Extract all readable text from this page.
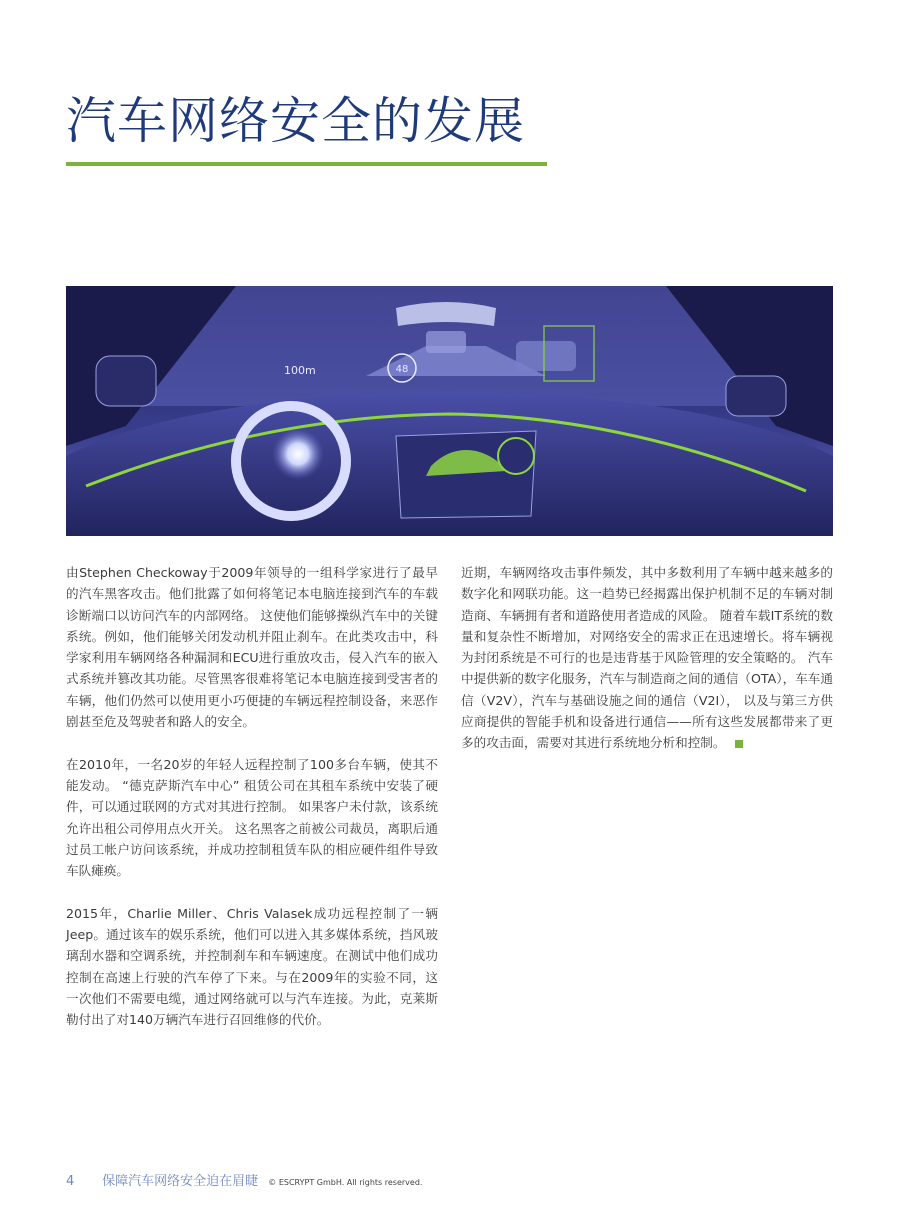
汽车网络安全的发展
100m	48

由Stephen Checkoway于2009年领导的一组科学家进行了最早的汽车黑客攻击。他们批露了如何将笔记本电脑连接到汽车的车载诊断端口以访问汽车的内部网络。 这使他们能够操纵汽车中的关键系统。例如，他们能够关闭发动机并阻止刹车。在此类攻击中，科学家利用车辆网络各种漏洞和ECU进行重放攻击，侵入汽车的嵌入式系统并篡改其功能。尽管黑客很难将笔记本电脑连接到受害者的车辆，他们仍然可以使用更小巧便捷的车辆远程控制设备，来恶作剧甚至危及驾驶者和路人的安全。

在2010年，一名20岁的年轻人远程控制了100多台车辆，使其不能发动。 “德克萨斯汽车中心” 租赁公司在其租车系统中安装了硬件，可以通过联网的方式对其进行控制。 如果客户未付款，该系统允许出租公司停用点火开关。 这名黑客之前被公司裁员，离职后通过员工帐户访问该系统，并成功控制租赁车队的相应硬件组件导致车队瘫痪。

2015年，Charlie Miller、Chris Valasek成功远程控制了一辆Jeep。通过该车的娱乐系统，他们可以进入其多媒体系统，挡风玻璃刮水器和空调系统，并控制刹车和车辆速度。在测试中他们成功控制在高速上行驶的汽车停了下来。与在2009年的实验不同，这一次他们不需要电缆，通过网络就可以与汽车连接。为此，克莱斯勒付出了对140万辆汽车进行召回维修的代价。

近期，车辆网络攻击事件频发，其中多数利用了车辆中越来越多的数字化和网联功能。这一趋势已经揭露出保护机制不足的车辆对制造商、车辆拥有者和道路使用者造成的风险。 随着车载IT系统的数量和复杂性不断增加，对网络安全的需求正在迅速增长。将车辆视为封闭系统是不可行的也是违背基于风险管理的安全策略的。 汽车中提供新的数字化服务，汽车与制造商之间的通信（OTA），车车通信（V2V），汽车与基础设施之间的通信（V2I）， 以及与第三方供应商提供的智能手机和设备进行通信——所有这些发展都带来了更多的攻击面，需要对其进行系统地分析和控制。

4 保障汽车网络安全迫在眉睫 © ESCRYPT GmbH. All rights reserved.
